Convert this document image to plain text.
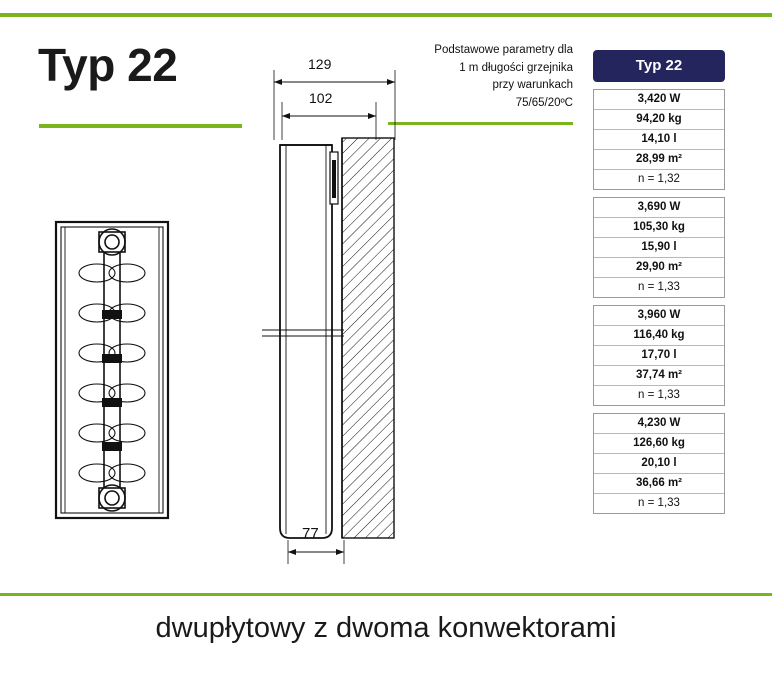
Typ 22	Podstawowe parametry dla
1 m długości grzejnika
przy warunkach
75/65/20ºC
129
102
77
Typ 22
3,420 W
94,20 kg
14,10 l
28,99 m²
n = 1,32
3,690 W
105,30 kg
15,90 l
29,90 m²
n = 1,33
3,960 W
116,40 kg
17,70 l
37,74 m²
n = 1,33
4,230 W
126,60 kg
20,10 l
36,66 m²
n = 1,33
dwupłytowy z dwoma konwektorami
